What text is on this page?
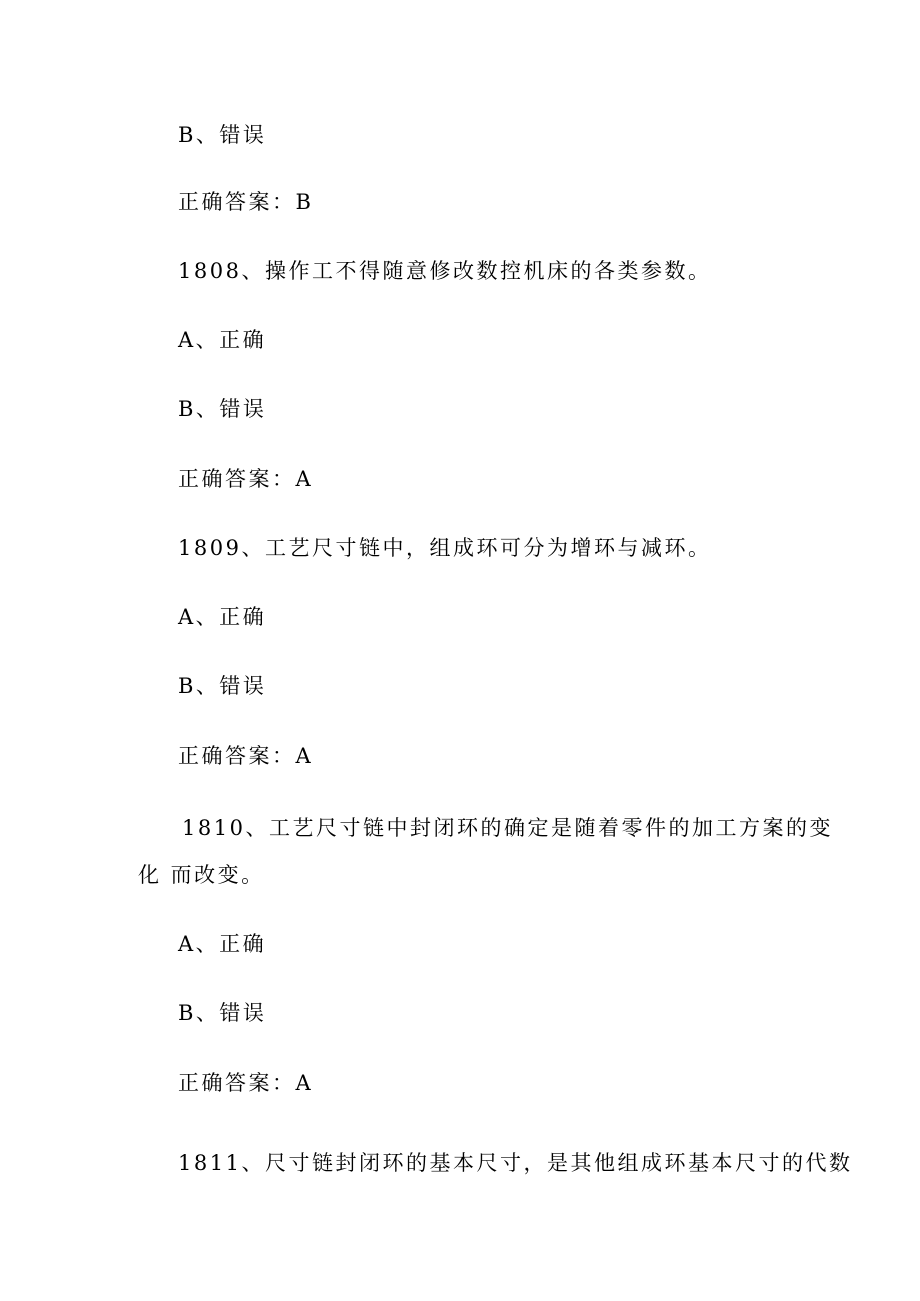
B、错误
正确答案：B
1808、操作工不得随意修改数控机床的各类参数。
A、正确
B、错误
正确答案：A
1809、工艺尺寸链中，组成环可分为增环与减环。
A、正确
B、错误
正确答案：A
1810、工艺尺寸链中封闭环的确定是随着零件的加工方案的变
化 而改变。
A、正确
B、错误
正确答案：A
1811、尺寸链封闭环的基本尺寸，是其他组成环基本尺寸的代数
